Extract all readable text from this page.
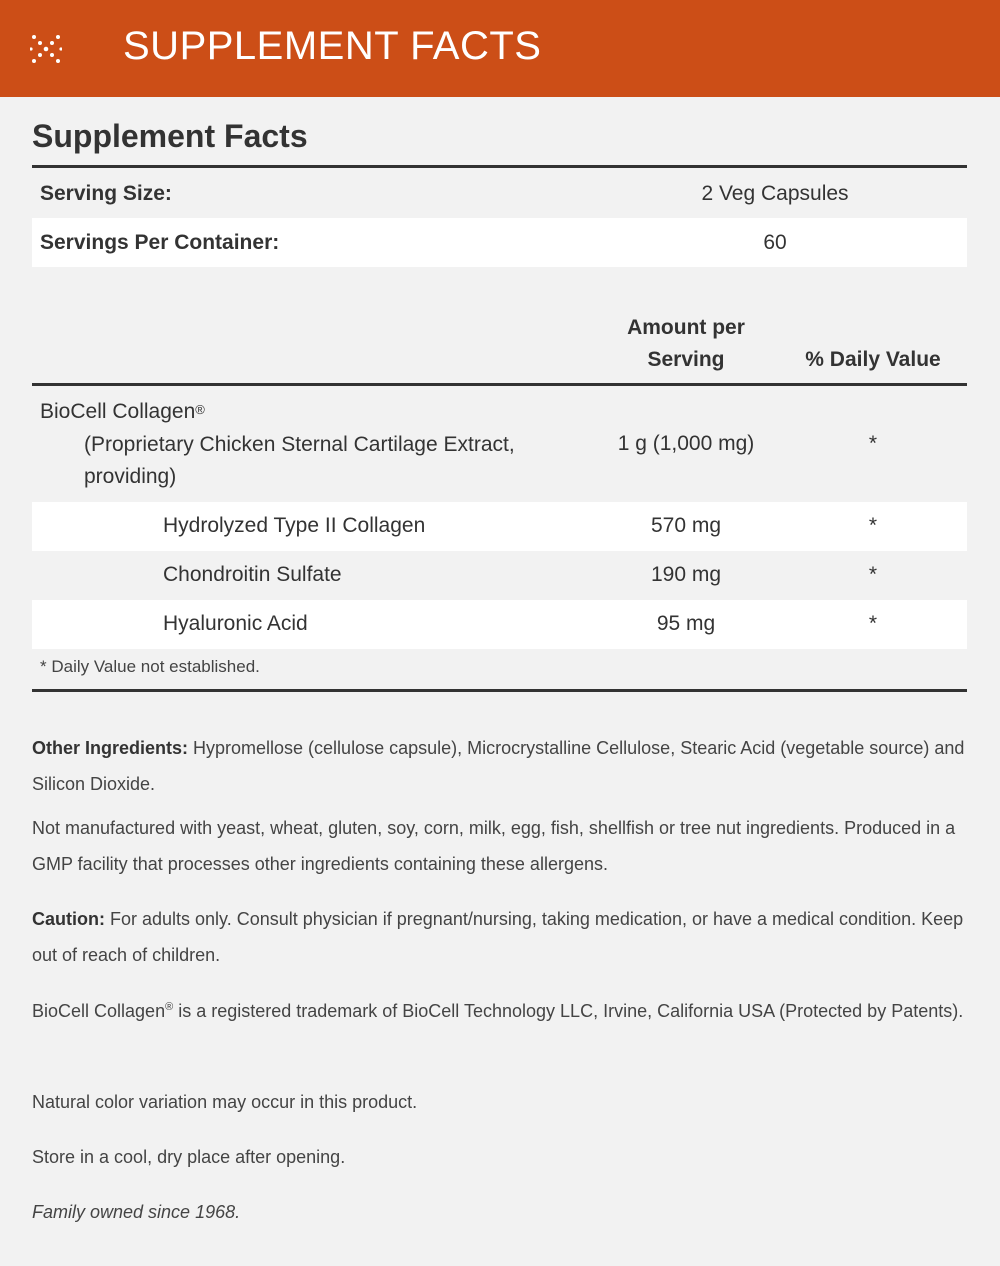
SUPPLEMENT FACTS
Supplement Facts
Serving Size:	2 Veg Capsules
Servings Per Container:	60
Amount per
Serving	% Daily Value
BioCell Collagen®
(Proprietary Chicken Sternal Cartilage Extract,
providing)
1 g (1,000 mg)	*
Hydrolyzed Type II Collagen	570 mg	*
Chondroitin Sulfate	190 mg	*
Hyaluronic Acid	95 mg	*
* Daily Value not established.
Other Ingredients: Hypromellose (cellulose capsule), Microcrystalline Cellulose, Stearic Acid (vegetable source) and Silicon Dioxide.
Not manufactured with yeast, wheat, gluten, soy, corn, milk, egg, fish, shellfish or tree nut ingredients. Produced in a GMP facility that processes other ingredients containing these allergens.
Caution: For adults only. Consult physician if pregnant/nursing, taking medication, or have a medical condition. Keep out of reach of children.
BioCell Collagen® is a registered trademark of BioCell Technology LLC, Irvine, California USA (Protected by Patents).
Natural color variation may occur in this product.
Store in a cool, dry place after opening.
Family owned since 1968.
